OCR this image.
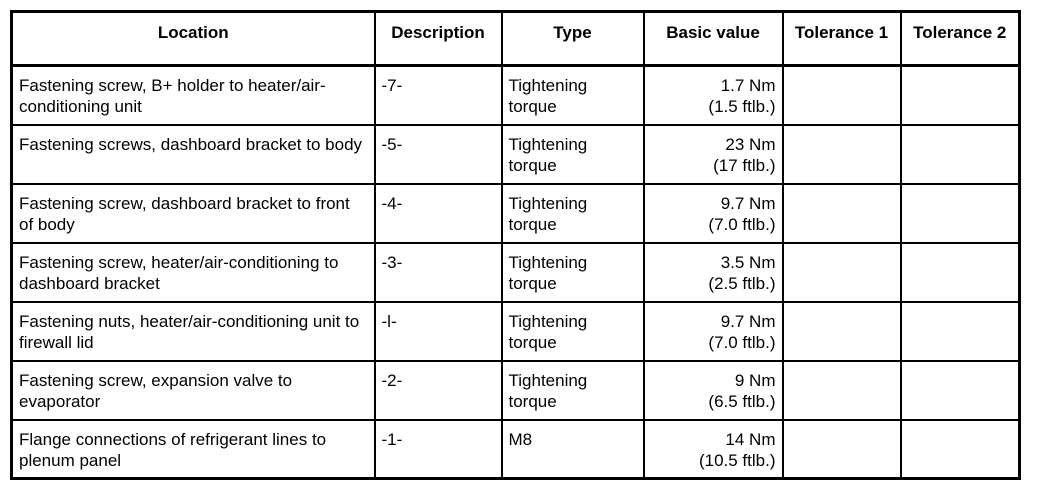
Location	Description	Type	Basic value	Tolerance 1	Tolerance 2
Fastening screw, B+ holder to heater/air-conditioning unit	-7-	Tightening torque	1.7 Nm
(1.5 ftlb.)		

Fastening screws, dashboard bracket to body	-5-	Tightening torque	23 Nm
(17 ftlb.)		

Fastening screw, dashboard bracket to front of body	-4-	Tightening torque	9.7 Nm
(7.0 ftlb.)		

Fastening screw, heater/air-conditioning to dashboard bracket	-3-	Tightening torque	3.5 Nm
(2.5 ftlb.)		

Fastening nuts, heater/air-conditioning unit to firewall lid	-l-	Tightening torque	9.7 Nm
(7.0 ftlb.)		

Fastening screw, expansion valve to evaporator	-2-	Tightening torque	9 Nm
(6.5 ftlb.)		

Flange connections of refrigerant lines to plenum panel	-1-	M8	14 Nm
(10.5 ftlb.)		
